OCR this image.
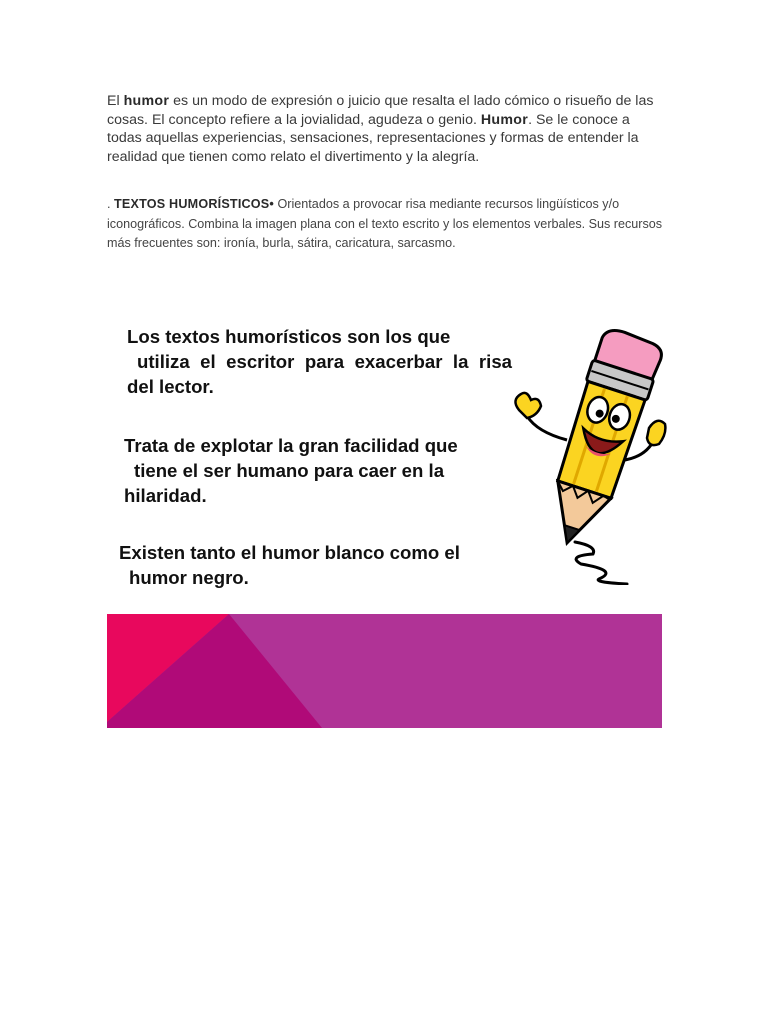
El humor es un modo de expresión o juicio que resalta el lado cómico o risueño de las cosas. El concepto refiere a la jovialidad, agudeza o genio. Humor. Se le conoce a todas aquellas experiencias, sensaciones, representaciones y formas de entender la realidad que tienen como relato el divertimento y la alegría.

. TEXTOS HUMORÍSTICOS• Orientados a provocar risa mediante recursos lingüísticos y/o iconográficos. Combina la imagen plana con el texto escrito y los elementos verbales. Sus recursos más frecuentes son: ironía, burla, sátira, caricatura, sarcasmo.

Los textos humorísticos son los que
utiliza el escritor para exacerbar la risa del lector.

Trata de explotar la gran facilidad que
tiene el ser humano para caer en la hilaridad.

Existen tanto el humor blanco como el
humor negro.
